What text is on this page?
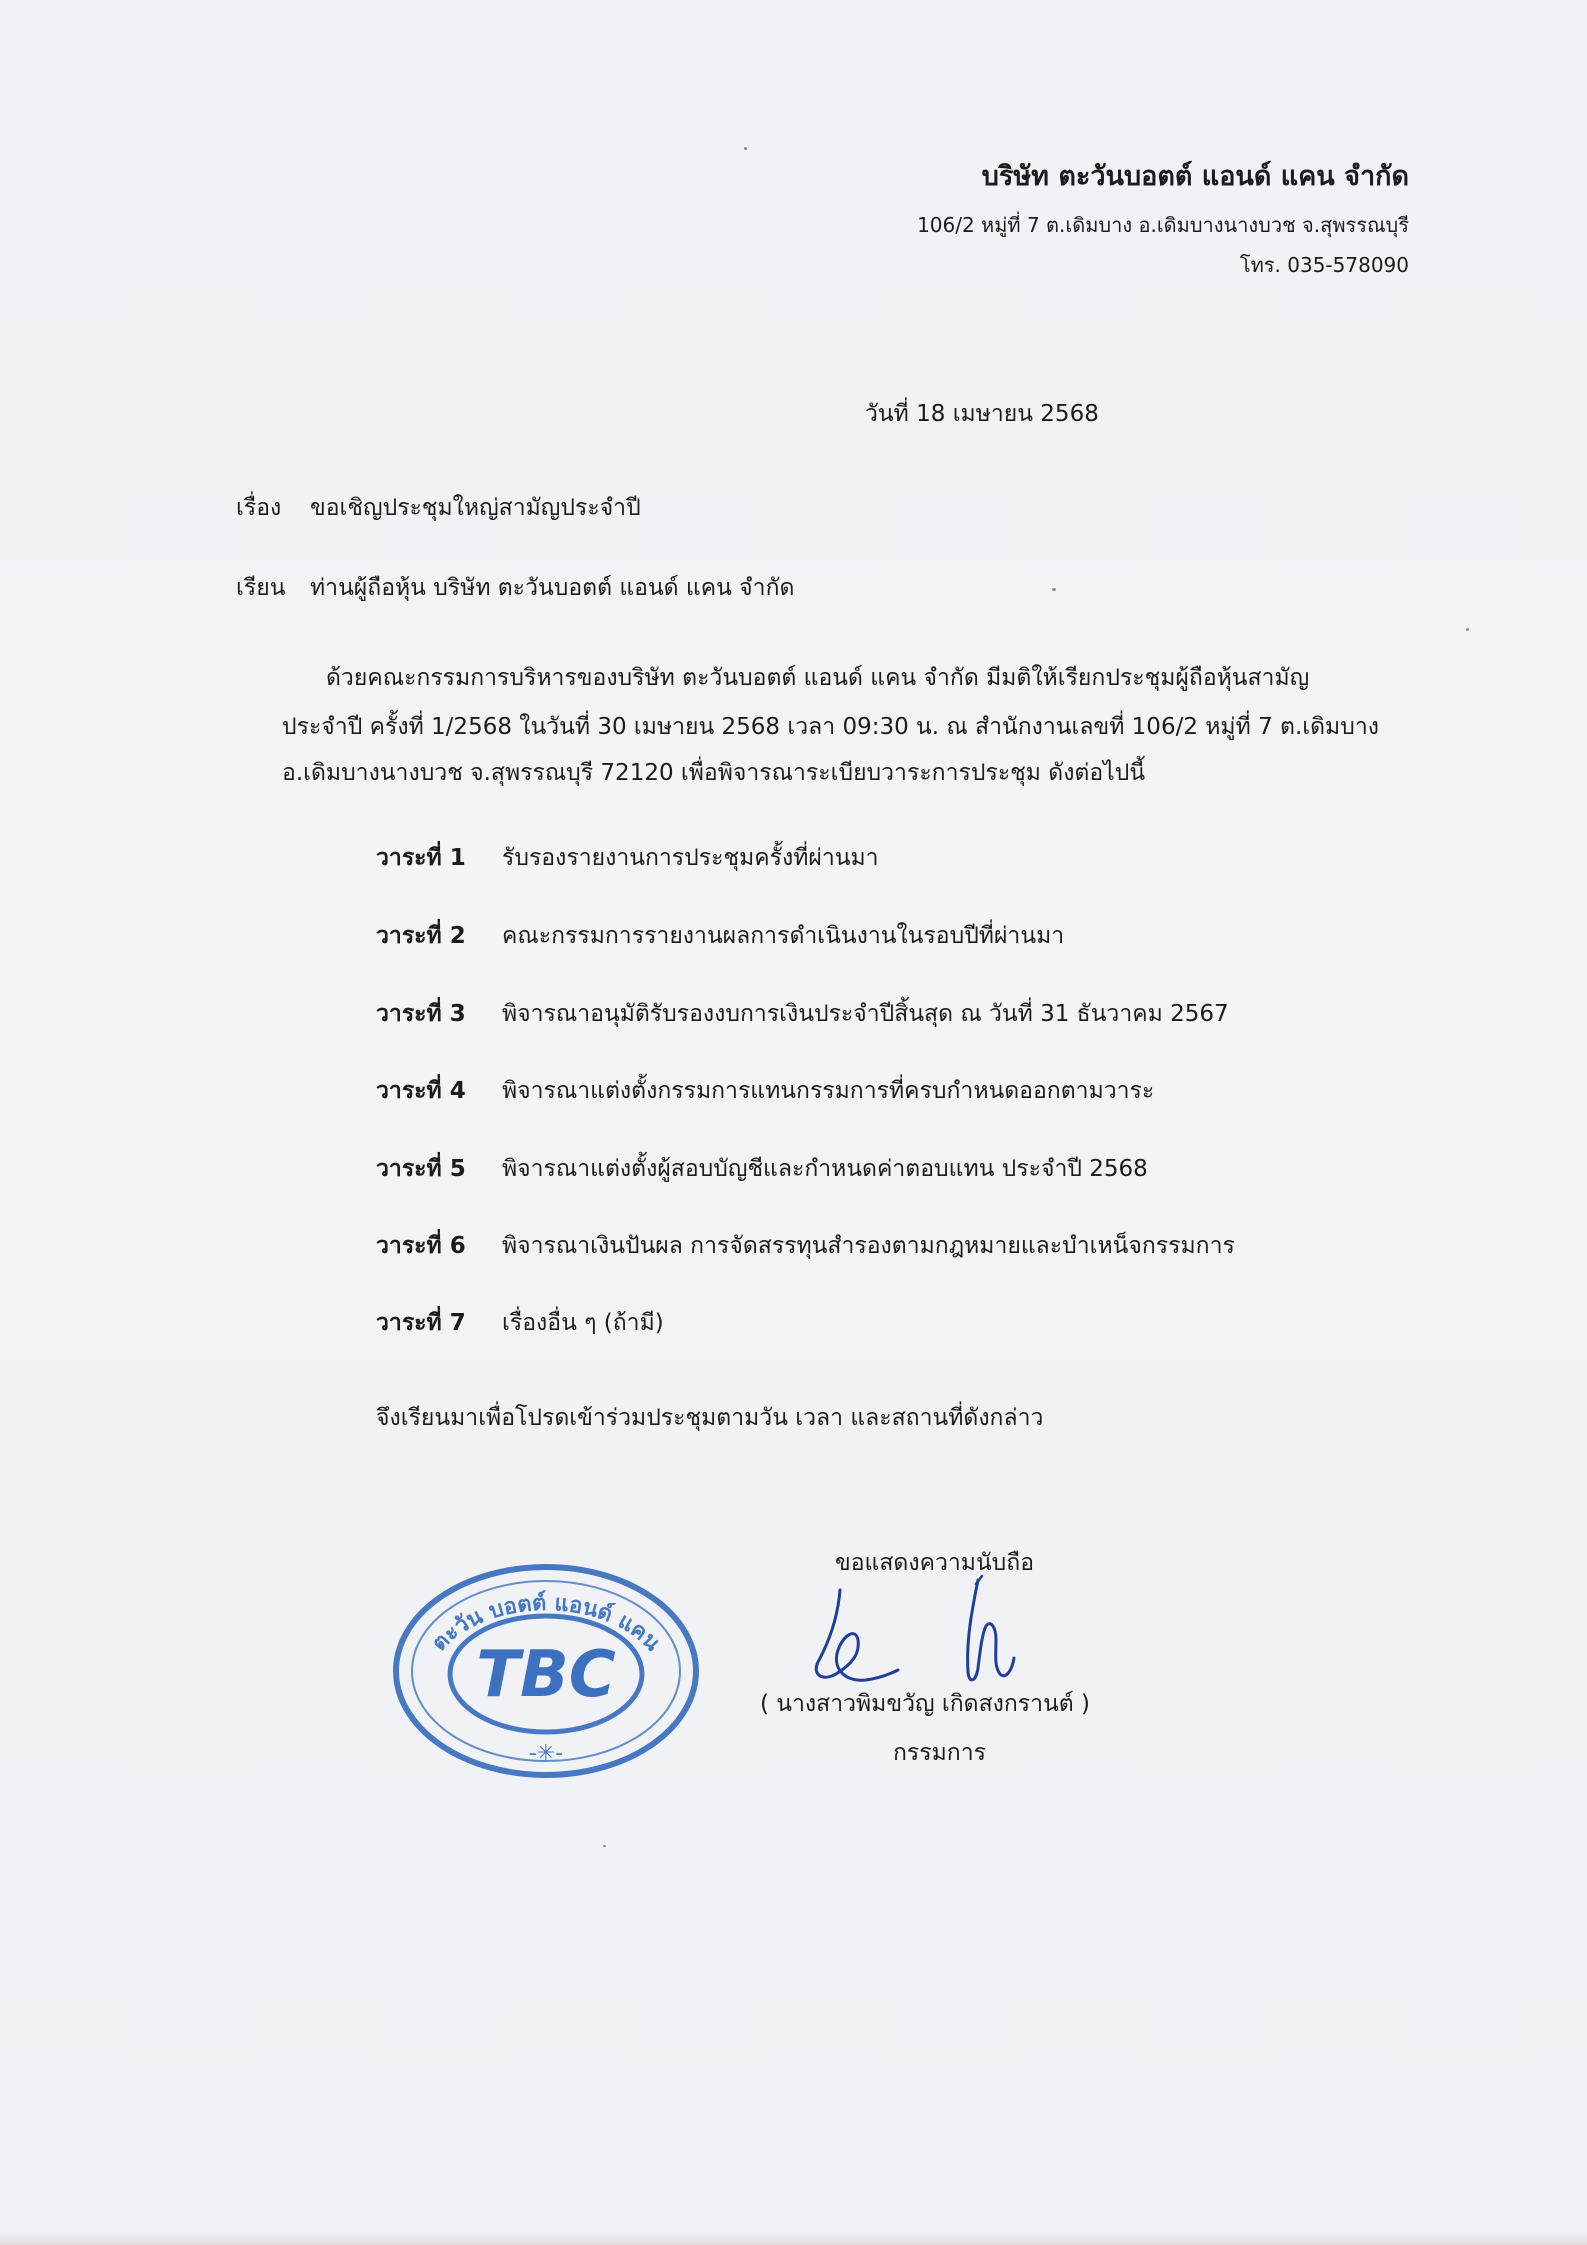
บริษัท ตะวันบอตต์ แอนด์ แคน จำกัด
106/2 หมู่ที่ 7 ต.เดิมบาง อ.เดิมบางนางบวช จ.สุพรรณบุรี
โทร. 035-578090
วันที่ 18 เมษายน 2568
เรื่อง ขอเชิญประชุมใหญ่สามัญประจำปี
เรียน ท่านผู้ถือหุ้น บริษัท ตะวันบอตต์ แอนด์ แคน จำกัด
ด้วยคณะกรรมการบริหารของบริษัท ตะวันบอตต์ แอนด์ แคน จำกัด มีมติให้เรียกประชุมผู้ถือหุ้นสามัญ
ประจำปี ครั้งที่ 1/2568 ในวันที่ 30 เมษายน 2568 เวลา 09:30 น. ณ สำนักงานเลขที่ 106/2 หมู่ที่ 7 ต.เดิมบาง
อ.เดิมบางนางบวช จ.สุพรรณบุรี 72120 เพื่อพิจารณาระเบียบวาระการประชุม ดังต่อไปนี้
วาระที่ 1 รับรองรายงานการประชุมครั้งที่ผ่านมา
วาระที่ 2 คณะกรรมการรายงานผลการดำเนินงานในรอบปีที่ผ่านมา
วาระที่ 3 พิจารณาอนุมัติรับรองงบการเงินประจำปีสิ้นสุด ณ วันที่ 31 ธันวาคม 2567
วาระที่ 4 พิจารณาแต่งตั้งกรรมการแทนกรรมการที่ครบกำหนดออกตามวาระ
วาระที่ 5 พิจารณาแต่งตั้งผู้สอบบัญชีและกำหนดค่าตอบแทน ประจำปี 2568
วาระที่ 6 พิจารณาเงินปันผล การจัดสรรทุนสำรองตามกฎหมายและบำเหน็จกรรมการ
วาระที่ 7 เรื่องอื่น ๆ (ถ้ามี)
จึงเรียนมาเพื่อโปรดเข้าร่วมประชุมตามวัน เวลา และสถานที่ดังกล่าว
ขอแสดงความนับถือ
( นางสาวพิมขวัญ เกิดสงกรานต์ )
กรรมการ
TBC
ตะวัน บอตต์ แอนด์ แคน
-✳-
